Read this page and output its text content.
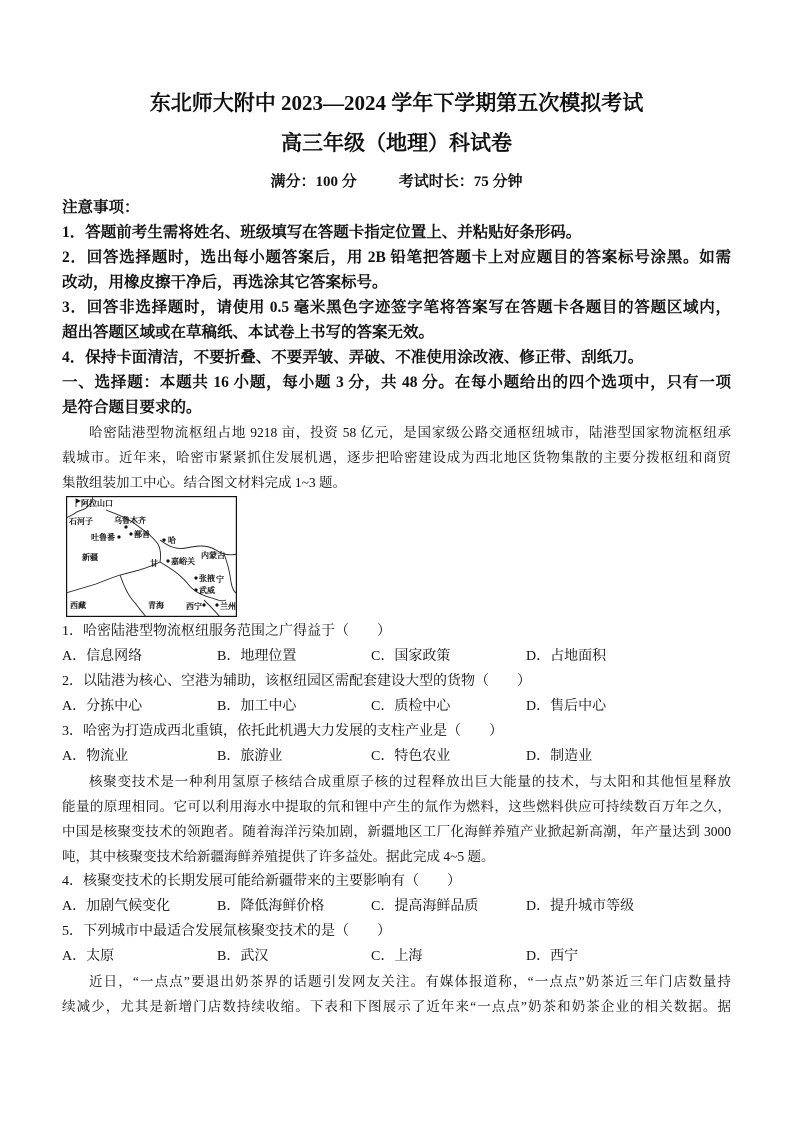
东北师大附中 2023—2024 学年下学期第五次模拟考试
高三年级（地理）科试卷
满分：100 分	考试时长：75 分钟
注意事项：
1．答题前考生需将姓名、班级填写在答题卡指定位置上、并粘贴好条形码。
2．回答选择题时，选出每小题答案后，用 2B 铅笔把答题卡上对应题目的答案标号涂黑。如需
改动，用橡皮擦干净后，再选涂其它答案标号。
3．回答非选择题时，请使用 0.5 毫米黑色字迹签字笔将答案写在答题卡各题目的答题区域内，
超出答题区域或在草稿纸、本试卷上书写的答案无效。
4．保持卡面清洁，不要折叠、不要弄皱、弄破、不准使用涂改液、修正带、刮纸刀。
一、选择题：本题共 16 小题，每小题 3 分，共 48 分。在每小题给出的四个选项中，只有一项
是符合题目要求的。
哈密陆港型物流枢纽占地 9218 亩，投资 58 亿元，是国家级公路交通枢纽城市，陆港型国家物流枢纽承
载城市。近年来，哈密市紧紧抓住发展机遇，逐步把哈密建设成为西北地区货物集散的主要分拨枢纽和商贸
集散组装加工中心。结合图文材料完成 1~3 题。
阿拉山口
石河子	乌鲁木齐
吐鲁番 鄯善
哈
新疆
甘 嘉峪关
内蒙古
张掖 宁
武威
西藏	青海	西宁 兰州
1．哈密陆港型物流枢纽服务范围之广得益于（　　）
A．信息网络	B．地理位置	C．国家政策	D．占地面积
2．以陆港为核心、空港为辅助，该枢纽园区需配套建设大型的货物（　　）
A．分拣中心	B．加工中心	C．质检中心	D．售后中心
3．哈密为打造成西北重镇，依托此机遇大力发展的支柱产业是（　　）
A．物流业	B．旅游业	C．特色农业	D．制造业
核聚变技术是一种利用氢原子核结合成重原子核的过程释放出巨大能量的技术，与太阳和其他恒星释放
能量的原理相同。它可以利用海水中提取的氘和锂中产生的氚作为燃料，这些燃料供应可持续数百万年之久，
中国是核聚变技术的领跑者。随着海洋污染加剧，新疆地区工厂化海鲜养殖产业掀起新高潮，年产量达到 3000
吨，其中核聚变技术给新疆海鲜养殖提供了许多益处。据此完成 4~5 题。
4．核聚变技术的长期发展可能给新疆带来的主要影响有（　　）
A．加剧气候变化	B．降低海鲜价格	C．提高海鲜品质	D．提升城市等级
5．下列城市中最适合发展氚核聚变技术的是（　　）
A．太原	B．武汉	C．上海	D．西宁
近日，“一点点”要退出奶茶界的话题引发网友关注。有媒体报道称，“一点点”奶茶近三年门店数量持
续减少，尤其是新增门店数持续收缩。下表和下图展示了近年来“一点点”奶茶和奶茶企业的相关数据。据
